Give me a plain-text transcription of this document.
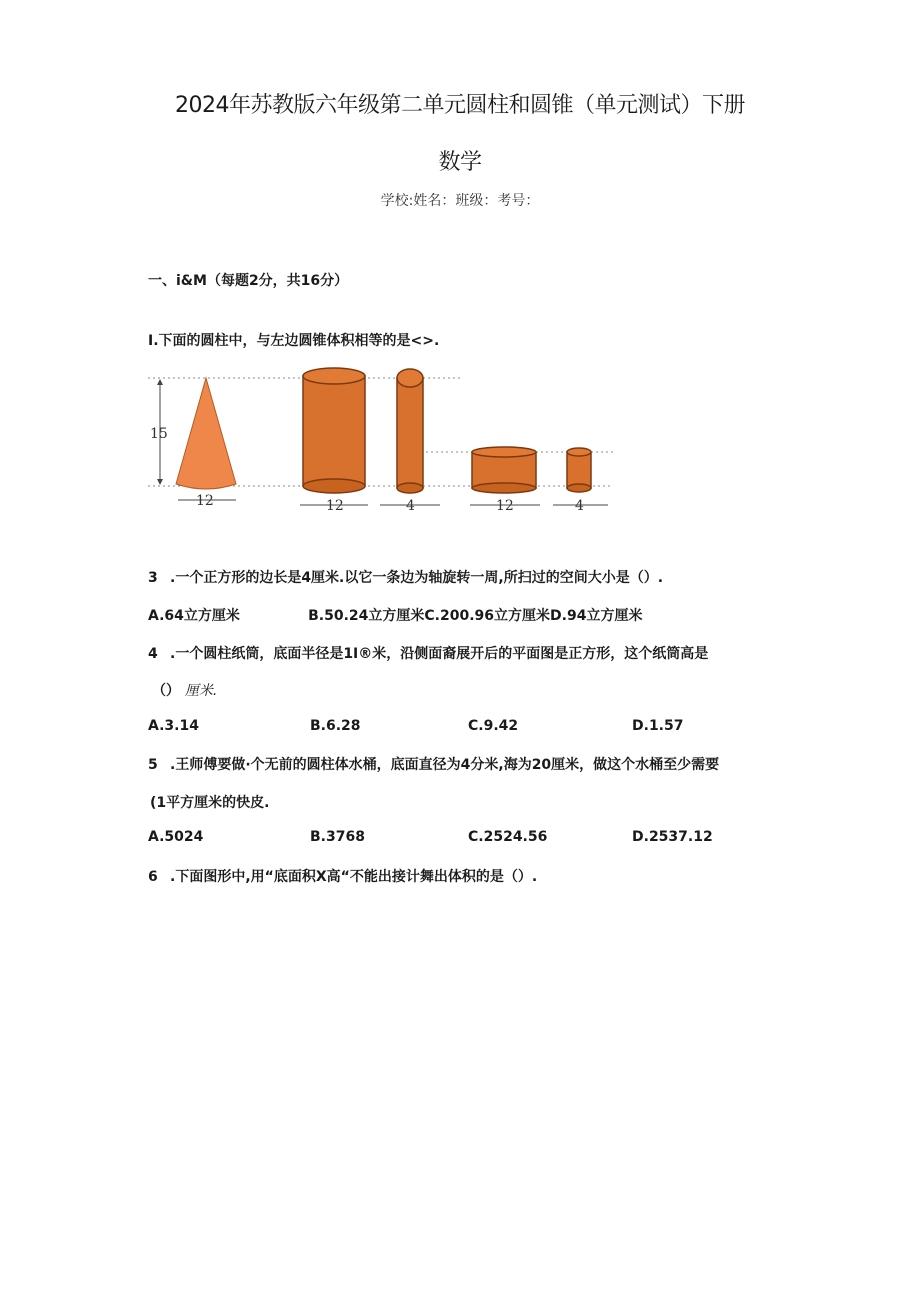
2024年苏教版六年级第二单元圆柱和圆锥（单元测试）下册
数学
学校:姓名：班级：考号：
一、i&M（每题2分，共16分）
I.下面的圆柱中，与左边圆锥体积相等的是<>.
15
12	12	4	12	4
3 .一个正方形的边长是4厘米.以它一条边为轴旋转一周,所扫过的空间大小是（）.
A.64立方厘米              B.50.24立方厘米C.200.96立方厘米D.94立方厘米
4 .一个圆柱纸筒，底面半径是1I®米，沿侧面裔展开后的平面图是正方形，这个纸筒高是
（） 厘米.
A.3.14	B.6.28	C.9.42	D.1.57
5 .王师傅要做·个无前的圆柱体水桶，底面直径为4分米,海为20厘米，做这个水桶至少需要
(1平方厘米的快皮.
A.5024	B.3768	C.2524.56	D.2537.12
6 .下面图形中,用“底面积X高“不能出接计舞出体积的是（）.
